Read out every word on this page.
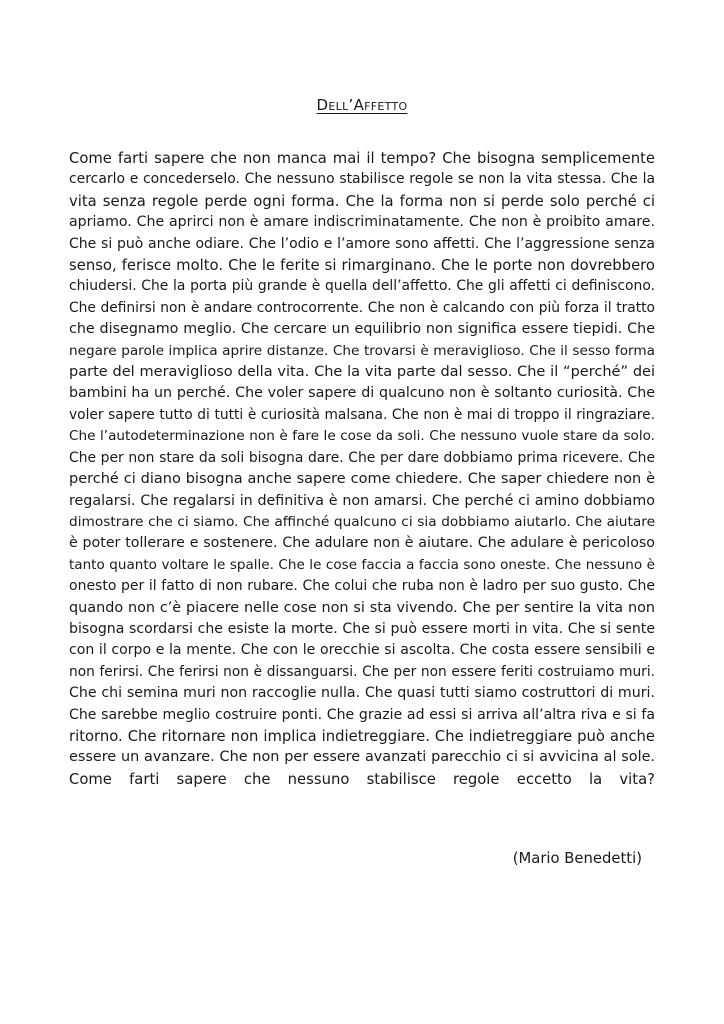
Dell’Affetto
Come farti sapere che non manca mai il tempo? Che bisogna semplicemente
cercarlo e concederselo. Che nessuno stabilisce regole se non la vita stessa. Che la
vita senza regole perde ogni forma. Che la forma non si perde solo perché ci
apriamo. Che aprirci non è amare indiscriminatamente. Che non è proibito amare.
Che si può anche odiare. Che l’odio e l’amore sono affetti. Che l’aggressione senza
senso, ferisce molto. Che le ferite si rimarginano. Che le porte non dovrebbero
chiudersi. Che la porta più grande è quella dell’affetto. Che gli affetti ci definiscono.
Che definirsi non è andare controcorrente. Che non è calcando con più forza il tratto
che disegnamo meglio. Che cercare un equilibrio non significa essere tiepidi. Che
negare parole implica aprire distanze. Che trovarsi è meraviglioso. Che il sesso forma
parte del meraviglioso della vita. Che la vita parte dal sesso. Che il “perché” dei
bambini ha un perché. Che voler sapere di qualcuno non è soltanto curiosità. Che
voler sapere tutto di tutti è curiosità malsana. Che non è mai di troppo il ringraziare.
Che l’autodeterminazione non è fare le cose da soli. Che nessuno vuole stare da solo.
Che per non stare da soli bisogna dare. Che per dare dobbiamo prima ricevere. Che
perché ci diano bisogna anche sapere come chiedere. Che saper chiedere non è
regalarsi. Che regalarsi in definitiva è non amarsi. Che perché ci amino dobbiamo
dimostrare che ci siamo. Che affinché qualcuno ci sia dobbiamo aiutarlo. Che aiutare
è poter tollerare e sostenere. Che adulare non è aiutare. Che adulare è pericoloso
tanto quanto voltare le spalle. Che le cose faccia a faccia sono oneste. Che nessuno è
onesto per il fatto di non rubare. Che colui che ruba non è ladro per suo gusto. Che
quando non c’è piacere nelle cose non si sta vivendo. Che per sentire la vita non
bisogna scordarsi che esiste la morte. Che si può essere morti in vita. Che si sente
con il corpo e la mente. Che con le orecchie si ascolta. Che costa essere sensibili e
non ferirsi. Che ferirsi non è dissanguarsi. Che per non essere feriti costruiamo muri.
Che chi semina muri non raccoglie nulla. Che quasi tutti siamo costruttori di muri.
Che sarebbe meglio costruire ponti. Che grazie ad essi si arriva all’altra riva e si fa
ritorno. Che ritornare non implica indietreggiare. Che indietreggiare può anche
essere un avanzare. Che non per essere avanzati parecchio ci si avvicina al sole.
Come farti sapere che nessuno stabilisce regole eccetto la vita?

(Mario Benedetti)
